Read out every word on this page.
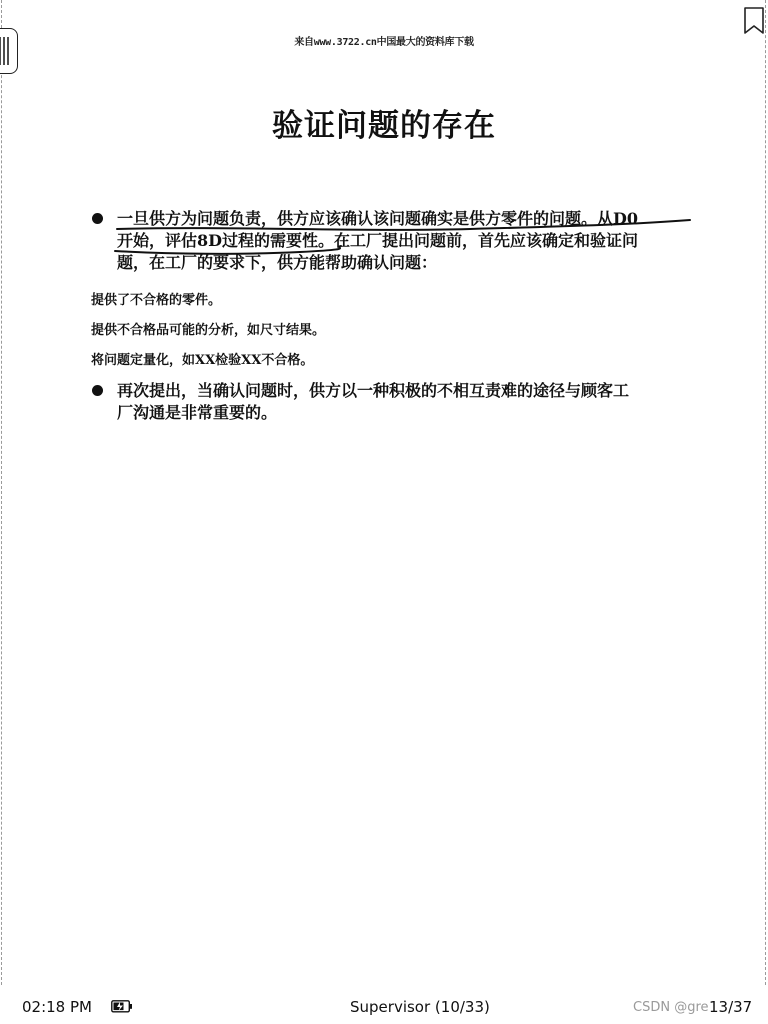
来自www.3722.cn中国最大的资料库下载
验证问题的存在
一旦供方为问题负责，供方应该确认该问题确实是供方零件的问题。从D0
开始，评估8D过程的需要性。在工厂提出问题前，首先应该确定和验证问
题，在工厂的要求下，供方能帮助确认问题：
提供了不合格的零件。
提供不合格品可能的分析，如尺寸结果。
将问题定量化，如XX检验XX不合格。
再次提出，当确认问题时，供方以一种积极的不相互责难的途径与顾客工
厂沟通是非常重要的。
02:18 PM	Supervisor (10/33)	CSDN @gre 13/37
